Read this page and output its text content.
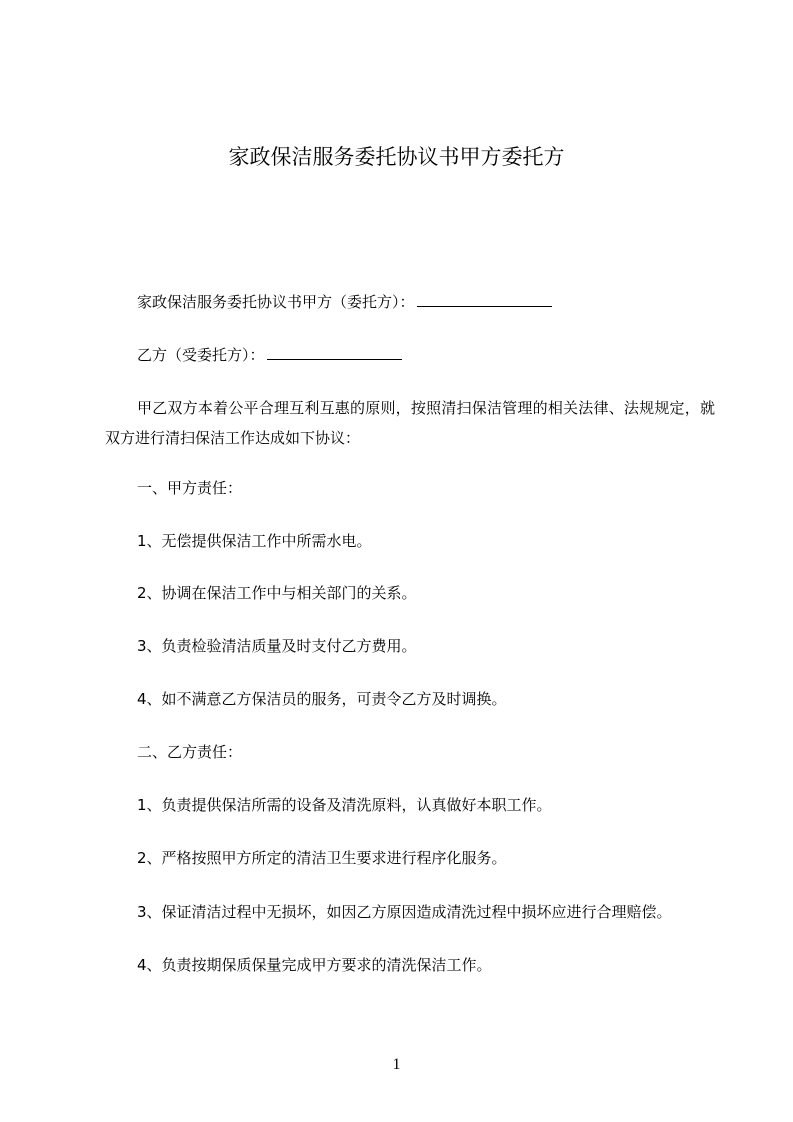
家政保洁服务委托协议书甲方委托方
家政保洁服务委托协议书甲方（委托方）：
乙方（受委托方）：

甲乙双方本着公平合理互利互惠的原则，按照清扫保洁管理的相关法律、法规规定，就双方进行清扫保洁工作达成如下协议：

一、甲方责任：
1、无偿提供保洁工作中所需水电。
2、协调在保洁工作中与相关部门的关系。
3、负责检验清洁质量及时支付乙方费用。
4、如不满意乙方保洁员的服务，可责令乙方及时调换。
二、乙方责任：
1、负责提供保洁所需的设备及清洗原料，认真做好本职工作。
2、严格按照甲方所定的清洁卫生要求进行程序化服务。
3、保证清洁过程中无损坏，如因乙方原因造成清洗过程中损坏应进行合理赔偿。
4、负责按期保质保量完成甲方要求的清洗保洁工作。
1
